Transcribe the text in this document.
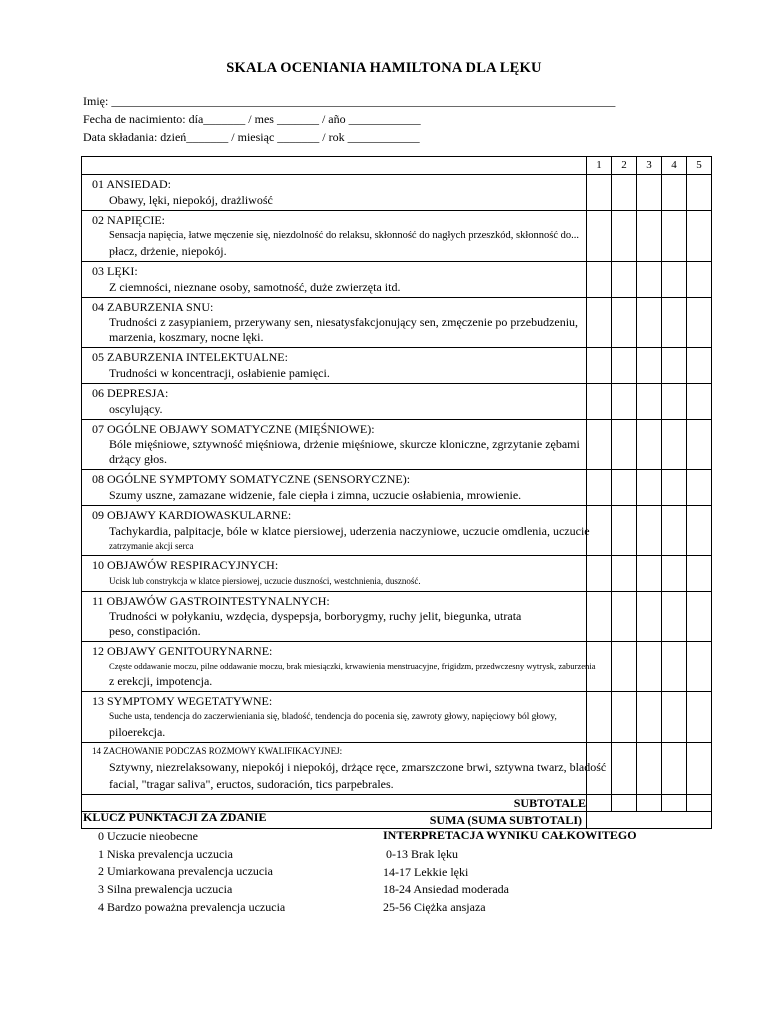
SKALA OCENIANIA HAMILTONA DLA LĘKU
Imię: ____________________________________________________________________________________
Fecha de nacimiento: día_______ / mes _______ / año ____________
Data składania: dzień_______ / miesiąc _______ / rok ____________
	1	2	3	4	5

01 ANSIEDAD:
Obawy, lęki, niepokój, drażliwość					

02 NAPIĘCIE:
Sensacja napięcia, łatwe męczenie się, niezdolność do relaksu, skłonność do nagłych przeszkód, skłonność do...
płacz, drżenie, niepokój.					

03 LĘKI:
Z ciemności, nieznane osoby, samotność, duże zwierzęta itd.					

04 ZABURZENIA SNU:
Trudności z zasypianiem, przerywany sen, niesatysfakcjonujący sen, zmęczenie po przebudzeniu,
marzenia, koszmary, nocne lęki.					

05 ZABURZENIA INTELEKTUALNE:
Trudności w koncentracji, osłabienie pamięci.					

06 DEPRESJA:
oscylujący.					

07 OGÓLNE OBJAWY SOMATYCZNE (MIĘŚNIOWE):
Bóle mięśniowe, sztywność mięśniowa, drżenie mięśniowe, skurcze kloniczne, zgrzytanie zębami
drżący głos.					

08 OGÓLNE SYMPTOMY SOMATYCZNE (SENSORYCZNE):
Szumy uszne, zamazane widzenie, fale ciepła i zimna, uczucie osłabienia, mrowienie.					

09 OBJAWY KARDIOWASKULARNE:
Tachykardia, palpitacje, bóle w klatce piersiowej, uderzenia naczyniowe, uczucie omdlenia, uczucie
zatrzymanie akcji serca					

10 OBJAWÓW RESPIRACYJNYCH:
Ucisk lub constrykcja w klatce piersiowej, uczucie duszności, westchnienia, duszność.					

11 OBJAWÓW GASTROINTESTYNALNYCH:
Trudności w połykaniu, wzdęcia, dyspepsja, borborygmy, ruchy jelit, biegunka, utrata
peso, constipación.					

12 OBJAWY GENITOURYNARNE:
Częste oddawanie moczu, pilne oddawanie moczu, brak miesiączki, krwawienia menstruacyjne, frigidzm, przedwczesny wytrysk, zaburzenia
z erekcji, impotencja.					

13 SYMPTOMY WEGETATYWNE:
Suche usta, tendencja do zaczerwieniania się, bladość, tendencja do pocenia się, zawroty głowy, napięciowy ból głowy,
piloerekcja.					

14 ZACHOWANIE PODCZAS ROZMOWY KWALIFIKACYJNEJ:
Sztywny, niezrelaksowany, niepokój i niepokój, drżące ręce, zmarszczone brwi, sztywna twarz, bladość
facial, "tragar saliva", eructos, sudoración, tics parpebrales.					

SUBTOTALE					
SUMA (SUMA SUBTOTALI)					
KLUCZ PUNKTACJI ZA ZDANIE
0 Uczucie nieobecne
1 Niska prevalencja uczucia
2 Umiarkowana prevalencja uczucia
3 Silna prewalencja uczucia
4 Bardzo poważna prevalencja uczucia
INTERPRETACJA WYNIKU CAŁKOWITEGO
0-13 Brak lęku
14-17 Lekkie lęki
18-24 Ansiedad moderada
25-56 Ciężka ansjaza
